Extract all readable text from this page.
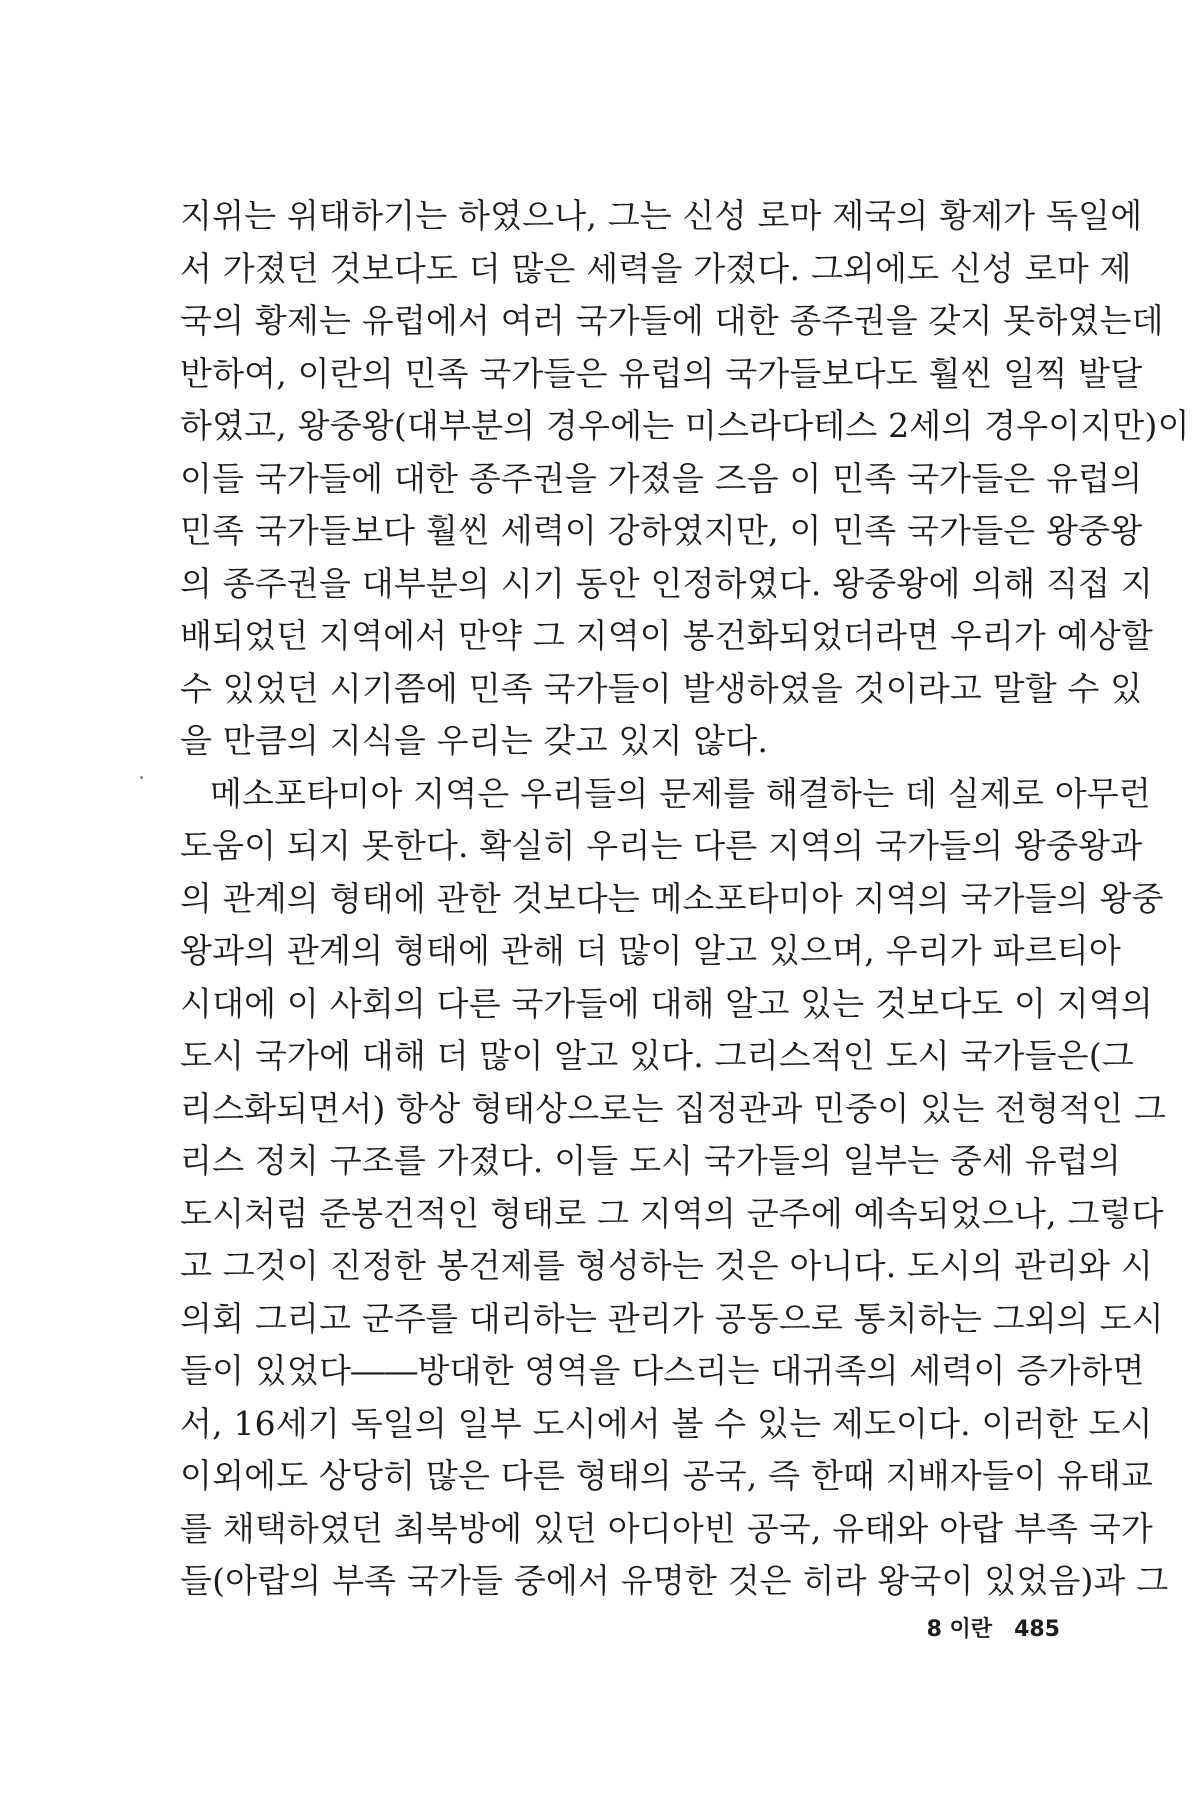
지위는 위태하기는 하였으나, 그는 신성 로마 제국의 황제가 독일에
서 가졌던 것보다도 더 많은 세력을 가졌다. 그외에도 신성 로마 제
국의 황제는 유럽에서 여러 국가들에 대한 종주권을 갖지 못하였는데
반하여, 이란의 민족 국가들은 유럽의 국가들보다도 훨씬 일찍 발달
하였고, 왕중왕(대부분의 경우에는 미스라다테스 2세의 경우이지만)이
이들 국가들에 대한 종주권을 가졌을 즈음 이 민족 국가들은 유럽의
민족 국가들보다 훨씬 세력이 강하였지만, 이 민족 국가들은 왕중왕
의 종주권을 대부분의 시기 동안 인정하였다. 왕중왕에 의해 직접 지
배되었던 지역에서 만약 그 지역이 봉건화되었더라면 우리가 예상할
수 있었던 시기쯤에 민족 국가들이 발생하였을 것이라고 말할 수 있
을 만큼의 지식을 우리는 갖고 있지 않다.
메소포타미아 지역은 우리들의 문제를 해결하는 데 실제로 아무런
도움이 되지 못한다. 확실히 우리는 다른 지역의 국가들의 왕중왕과
의 관계의 형태에 관한 것보다는 메소포타미아 지역의 국가들의 왕중
왕과의 관계의 형태에 관해 더 많이 알고 있으며, 우리가 파르티아
시대에 이 사회의 다른 국가들에 대해 알고 있는 것보다도 이 지역의
도시 국가에 대해 더 많이 알고 있다. 그리스적인 도시 국가들은(그
리스화되면서) 항상 형태상으로는 집정관과 민중이 있는 전형적인 그
리스 정치 구조를 가졌다. 이들 도시 국가들의 일부는 중세 유럽의
도시처럼 준봉건적인 형태로 그 지역의 군주에 예속되었으나, 그렇다
고 그것이 진정한 봉건제를 형성하는 것은 아니다. 도시의 관리와 시
의회 그리고 군주를 대리하는 관리가 공동으로 통치하는 그외의 도시
들이 있었다――방대한 영역을 다스리는 대귀족의 세력이 증가하면
서, 16세기 독일의 일부 도시에서 볼 수 있는 제도이다. 이러한 도시
이외에도 상당히 많은 다른 형태의 공국, 즉 한때 지배자들이 유태교
를 채택하였던 최북방에 있던 아디아빈 공국, 유태와 아랍 부족 국가
들(아랍의 부족 국가들 중에서 유명한 것은 히라 왕국이 있었음)과 그
8 이란 485
